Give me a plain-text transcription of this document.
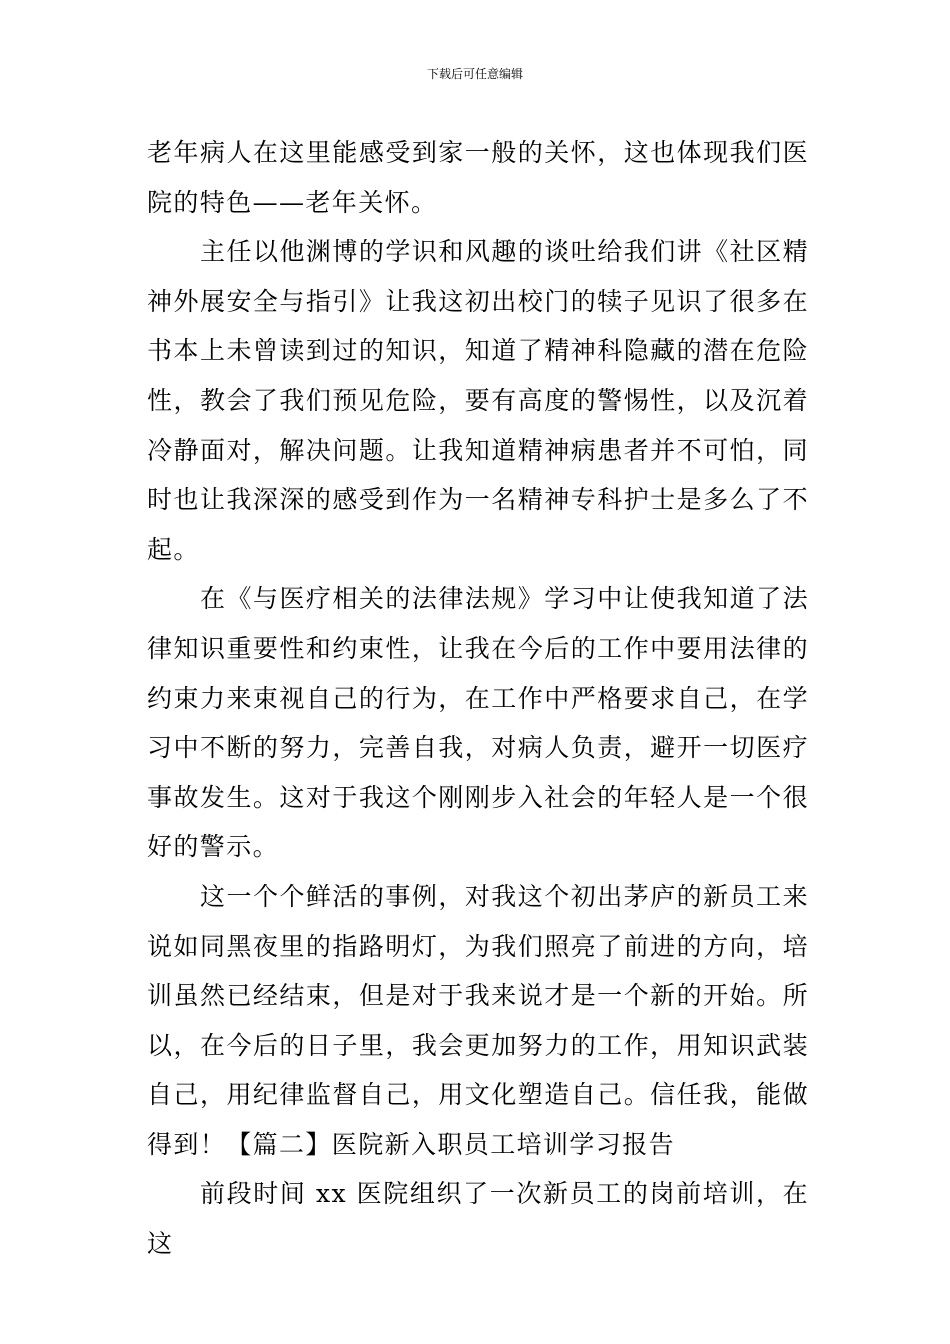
下载后可任意编辑

老年病人在这里能感受到家一般的关怀，这也体现我们医院的特色——老年关怀。

主任以他渊博的学识和风趣的谈吐给我们讲《社区精神外展安全与指引》让我这初出校门的犊子见识了很多在书本上未曾读到过的知识，知道了精神科隐藏的潜在危险性，教会了我们预见危险，要有高度的警惕性，以及沉着冷静面对，解决问题。让我知道精神病患者并不可怕，同时也让我深深的感受到作为一名精神专科护士是多么了不起。

在《与医疗相关的法律法规》学习中让使我知道了法律知识重要性和约束性，让我在今后的工作中要用法律的约束力来束视自己的行为，在工作中严格要求自己，在学习中不断的努力，完善自我，对病人负责，避开一切医疗事故发生。这对于我这个刚刚步入社会的年轻人是一个很好的警示。

这一个个鲜活的事例，对我这个初出茅庐的新员工来说如同黑夜里的指路明灯，为我们照亮了前进的方向，培训虽然已经结束，但是对于我来说才是一个新的开始。所以，在今后的日子里，我会更加努力的工作，用知识武装自己，用纪律监督自己，用文化塑造自己。信任我，能做得到！【篇二】医院新入职员工培训学习报告

前段时间 xx 医院组织了一次新员工的岗前培训，在这
